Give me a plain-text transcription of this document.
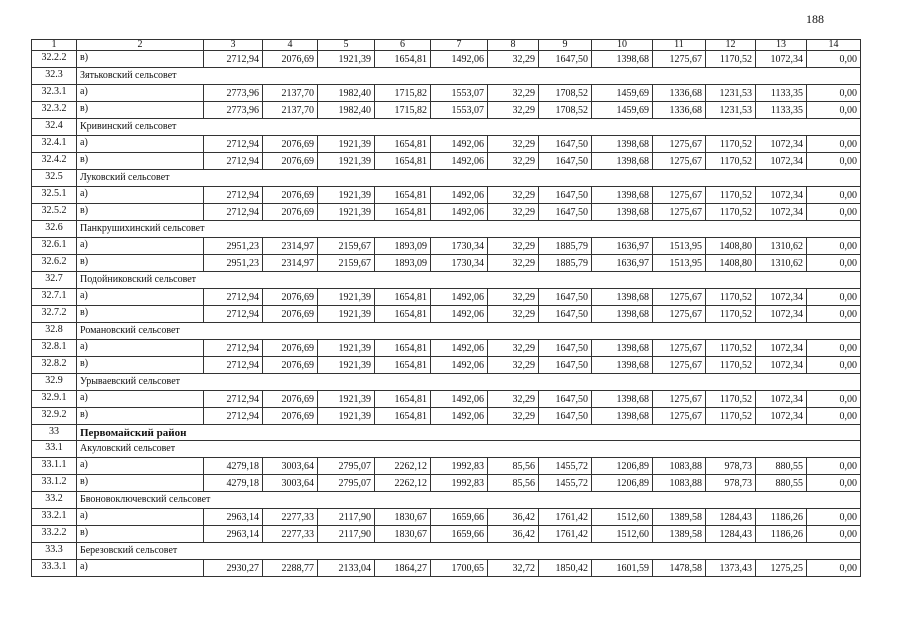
188
1	2	3	4	5	6	7	8	9	10	11	12	13	14
32.2.2	в)	2712,94	2076,69	1921,39	1654,81	1492,06	32,29	1647,50	1398,68	1275,67	1170,52	1072,34	0,00
32.3	Зятьковский сельсовет												
32.3.1	а)	2773,96	2137,70	1982,40	1715,82	1553,07	32,29	1708,52	1459,69	1336,68	1231,53	1133,35	0,00
32.3.2	в)	2773,96	2137,70	1982,40	1715,82	1553,07	32,29	1708,52	1459,69	1336,68	1231,53	1133,35	0,00
32.4	Кривинский сельсовет												
32.4.1	а)	2712,94	2076,69	1921,39	1654,81	1492,06	32,29	1647,50	1398,68	1275,67	1170,52	1072,34	0,00
32.4.2	в)	2712,94	2076,69	1921,39	1654,81	1492,06	32,29	1647,50	1398,68	1275,67	1170,52	1072,34	0,00
32.5	Луковский сельсовет												
32.5.1	а)	2712,94	2076,69	1921,39	1654,81	1492,06	32,29	1647,50	1398,68	1275,67	1170,52	1072,34	0,00
32.5.2	в)	2712,94	2076,69	1921,39	1654,81	1492,06	32,29	1647,50	1398,68	1275,67	1170,52	1072,34	0,00
32.6	Панкрушихинский сельсовет												
32.6.1	а)	2951,23	2314,97	2159,67	1893,09	1730,34	32,29	1885,79	1636,97	1513,95	1408,80	1310,62	0,00
32.6.2	в)	2951,23	2314,97	2159,67	1893,09	1730,34	32,29	1885,79	1636,97	1513,95	1408,80	1310,62	0,00
32.7	Подойниковский сельсовет												
32.7.1	а)	2712,94	2076,69	1921,39	1654,81	1492,06	32,29	1647,50	1398,68	1275,67	1170,52	1072,34	0,00
32.7.2	в)	2712,94	2076,69	1921,39	1654,81	1492,06	32,29	1647,50	1398,68	1275,67	1170,52	1072,34	0,00
32.8	Романовский сельсовет												
32.8.1	а)	2712,94	2076,69	1921,39	1654,81	1492,06	32,29	1647,50	1398,68	1275,67	1170,52	1072,34	0,00
32.8.2	в)	2712,94	2076,69	1921,39	1654,81	1492,06	32,29	1647,50	1398,68	1275,67	1170,52	1072,34	0,00
32.9	Урываевский сельсовет												
32.9.1	а)	2712,94	2076,69	1921,39	1654,81	1492,06	32,29	1647,50	1398,68	1275,67	1170,52	1072,34	0,00
32.9.2	в)	2712,94	2076,69	1921,39	1654,81	1492,06	32,29	1647,50	1398,68	1275,67	1170,52	1072,34	0,00
33	Первомайский район												
33.1	Акуловский сельсовет												
33.1.1	а)	4279,18	3003,64	2795,07	2262,12	1992,83	85,56	1455,72	1206,89	1083,88	978,73	880,55	0,00
33.1.2	в)	4279,18	3003,64	2795,07	2262,12	1992,83	85,56	1455,72	1206,89	1083,88	978,73	880,55	0,00
33.2	Бвоновоключевский сельсовет												
33.2.1	а)	2963,14	2277,33	2117,90	1830,67	1659,66	36,42	1761,42	1512,60	1389,58	1284,43	1186,26	0,00
33.2.2	в)	2963,14	2277,33	2117,90	1830,67	1659,66	36,42	1761,42	1512,60	1389,58	1284,43	1186,26	0,00
33.3	Березовский сельсовет												
33.3.1	а)	2930,27	2288,77	2133,04	1864,27	1700,65	32,72	1850,42	1601,59	1478,58	1373,43	1275,25	0,00
